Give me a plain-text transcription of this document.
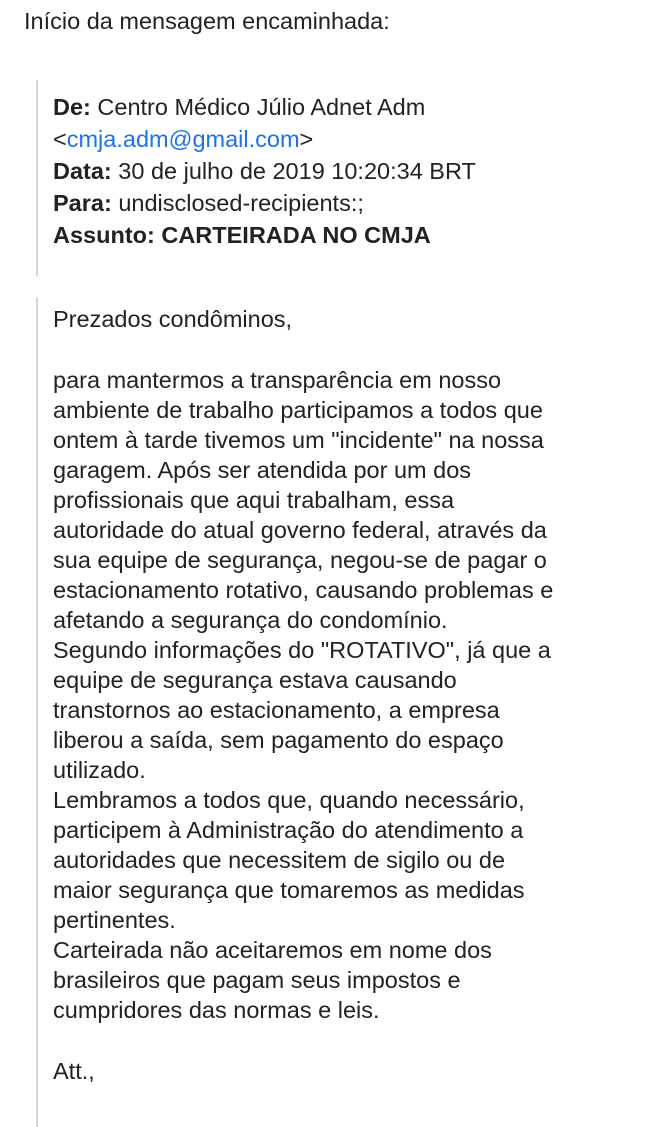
Início da mensagem encaminhada:
De: Centro Médico Júlio Adnet Adm
<cmja.adm@gmail.com>
Data: 30 de julho de 2019 10:20:34 BRT
Para: undisclosed-recipients:;
Assunto: CARTEIRADA NO CMJA
Prezados condôminos,
para mantermos a transparência em nosso
ambiente de trabalho participamos a todos que
ontem à tarde tivemos um "incidente" na nossa
garagem. Após ser atendida por um dos
profissionais que aqui trabalham, essa
autoridade do atual governo federal, através da
sua equipe de segurança, negou-se de pagar o
estacionamento rotativo, causando problemas e
afetando a segurança do condomínio.
Segundo informações do "ROTATIVO", já que a
equipe de segurança estava causando
transtornos ao estacionamento, a empresa
liberou a saída, sem pagamento do espaço
utilizado.
Lembramos a todos que, quando necessário,
participem à Administração do atendimento a
autoridades que necessitem de sigilo ou de
maior segurança que tomaremos as medidas
pertinentes.
Carteirada não aceitaremos em nome dos
brasileiros que pagam seus impostos e
cumpridores das normas e leis.
Att.,
